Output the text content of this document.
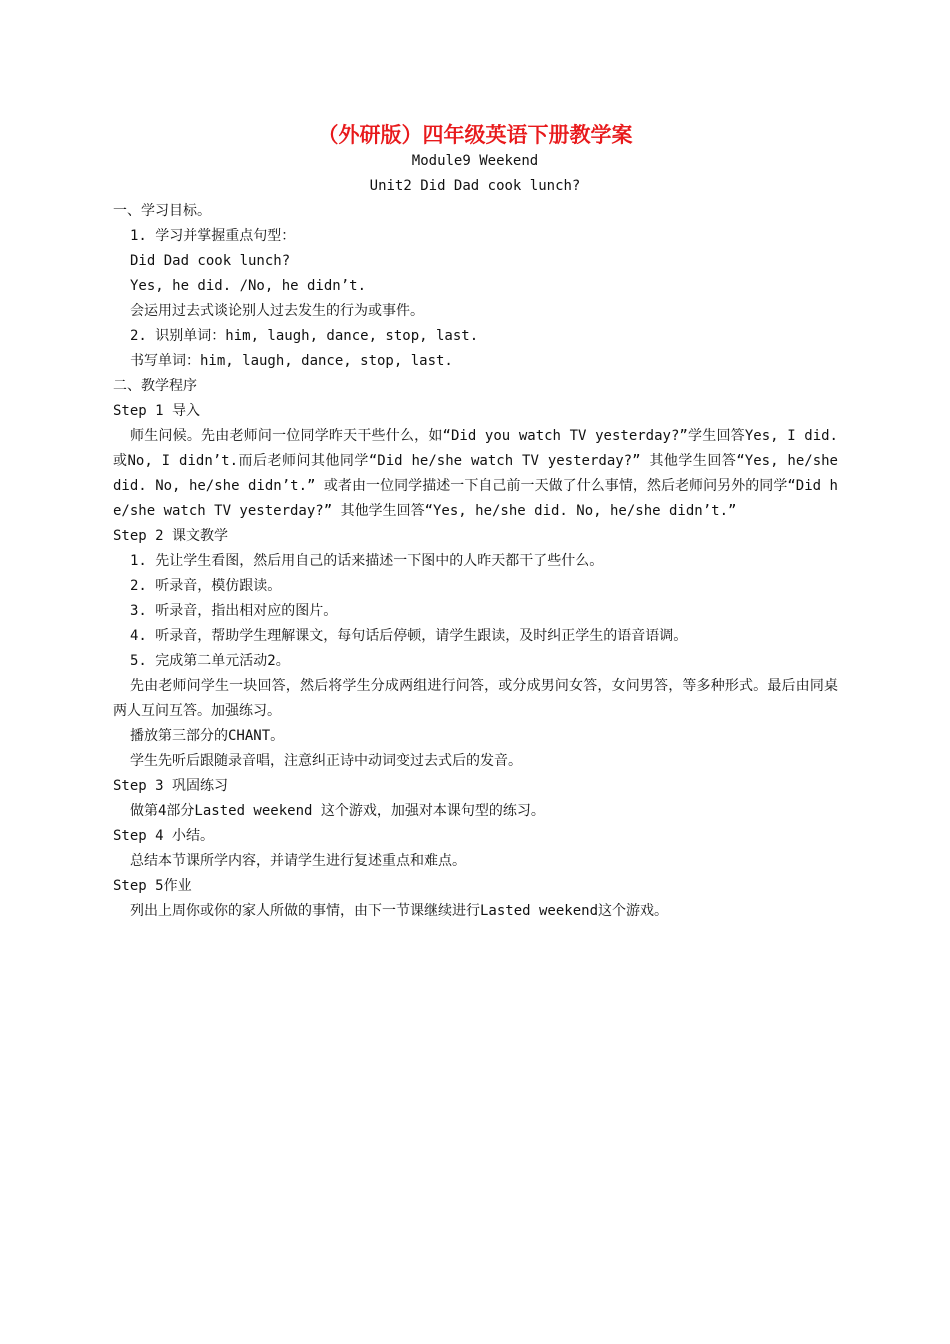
（外研版）四年级英语下册教学案
Module9 Weekend
Unit2 Did Dad cook lunch?
一、学习目标。
1. 学习并掌握重点句型：
Did Dad cook lunch?
Yes, he did. /No, he didn’t.
会运用过去式谈论别人过去发生的行为或事件。
2. 识别单词：him, laugh, dance, stop, last.
书写单词：him, laugh, dance, stop, last.
二、教学程序
Step 1 导入
师生问候。先由老师问一位同学昨天干些什么，如“Did you watch TV yesterday?”学生回答Yes, I did.或No, I didn’t.而后老师问其他同学“Did he/she watch TV yesterday?” 其他学生回答“Yes, he/she did. No, he/she didn’t.” 或者由一位同学描述一下自己前一天做了什么事情，然后老师问另外的同学“Did he/she watch TV yesterday?” 其他学生回答“Yes, he/she did. No, he/she didn’t.”
Step 2 课文教学
1. 先让学生看图，然后用自己的话来描述一下图中的人昨天都干了些什么。
2. 听录音，模仿跟读。
3. 听录音，指出相对应的图片。
4. 听录音，帮助学生理解课文，每句话后停顿，请学生跟读，及时纠正学生的语音语调。
5. 完成第二单元活动2。
先由老师问学生一块回答，然后将学生分成两组进行问答，或分成男问女答，女问男答，等多种形式。最后由同桌两人互问互答。加强练习。
播放第三部分的CHANT。
学生先听后跟随录音唱，注意纠正诗中动词变过去式后的发音。
Step 3 巩固练习
做第4部分Lasted weekend 这个游戏，加强对本课句型的练习。
Step 4 小结。
总结本节课所学内容，并请学生进行复述重点和难点。
Step 5作业
列出上周你或你的家人所做的事情，由下一节课继续进行Lasted weekend这个游戏。
